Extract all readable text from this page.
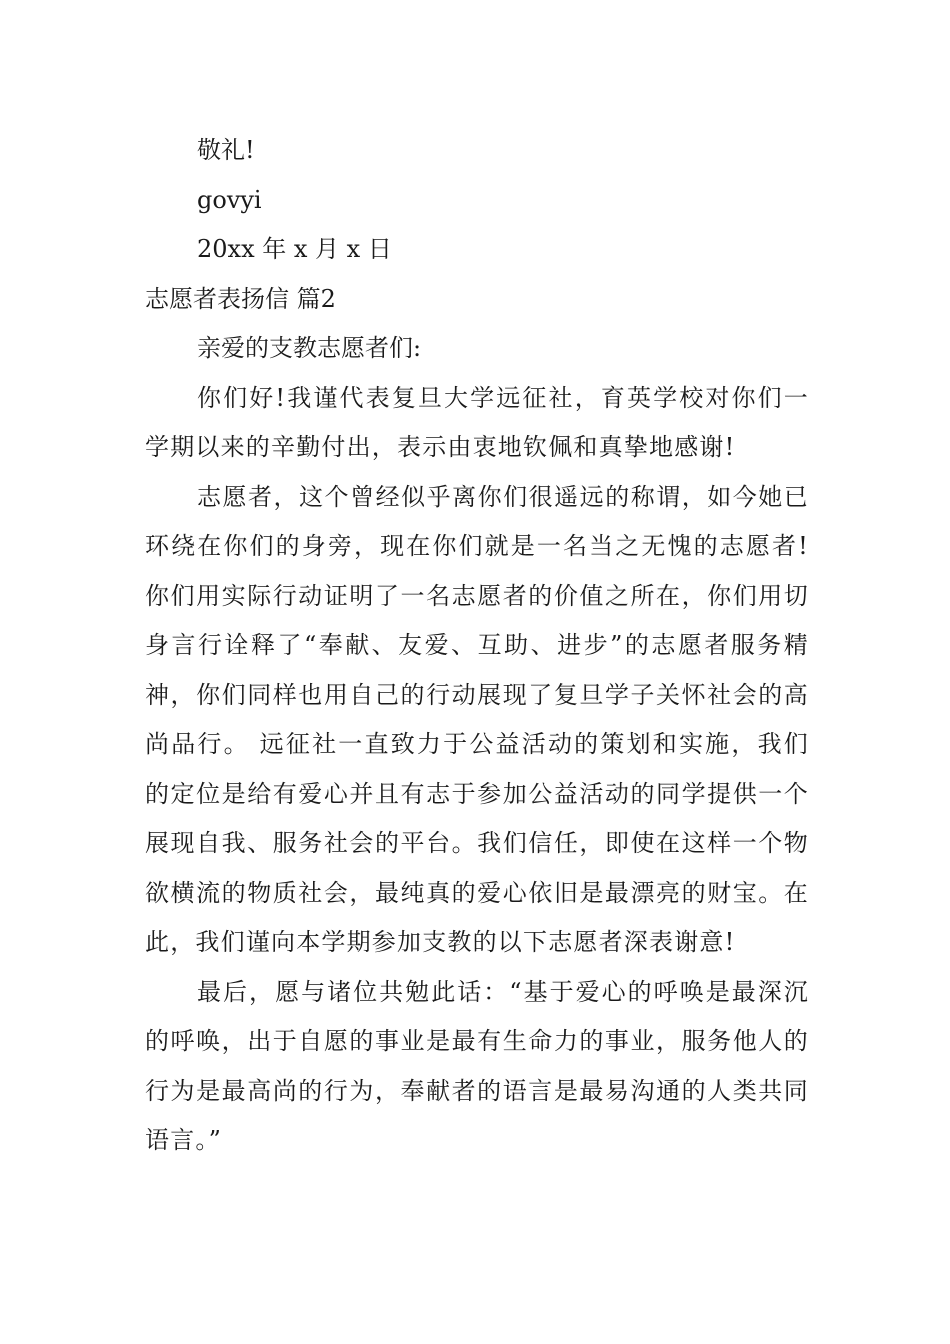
敬礼!
govyi
20xx 年 x 月 x 日
志愿者表扬信 篇2
亲爱的支教志愿者们:
你们好!我谨代表复旦大学远征社，育英学校对你们一学期以来的辛勤付出，表示由衷地钦佩和真挚地感谢!
志愿者，这个曾经似乎离你们很遥远的称谓，如今她已环绕在你们的身旁，现在你们就是一名当之无愧的志愿者!你们用实际行动证明了一名志愿者的价值之所在，你们用切身言行诠释了“奉献、友爱、互助、进步”的志愿者服务精神，你们同样也用自己的行动展现了复旦学子关怀社会的高尚品行。 远征社一直致力于公益活动的策划和实施，我们的定位是给有爱心并且有志于参加公益活动的同学提供一个展现自我、服务社会的平台。我们信任，即使在这样一个物欲横流的物质社会，最纯真的爱心依旧是最漂亮的财宝。在此，我们谨向本学期参加支教的以下志愿者深表谢意!
最后，愿与诸位共勉此话：“基于爱心的呼唤是最深沉的呼唤，出于自愿的事业是最有生命力的事业，服务他人的行为是最高尚的行为，奉献者的语言是最易沟通的人类共同语言。”
